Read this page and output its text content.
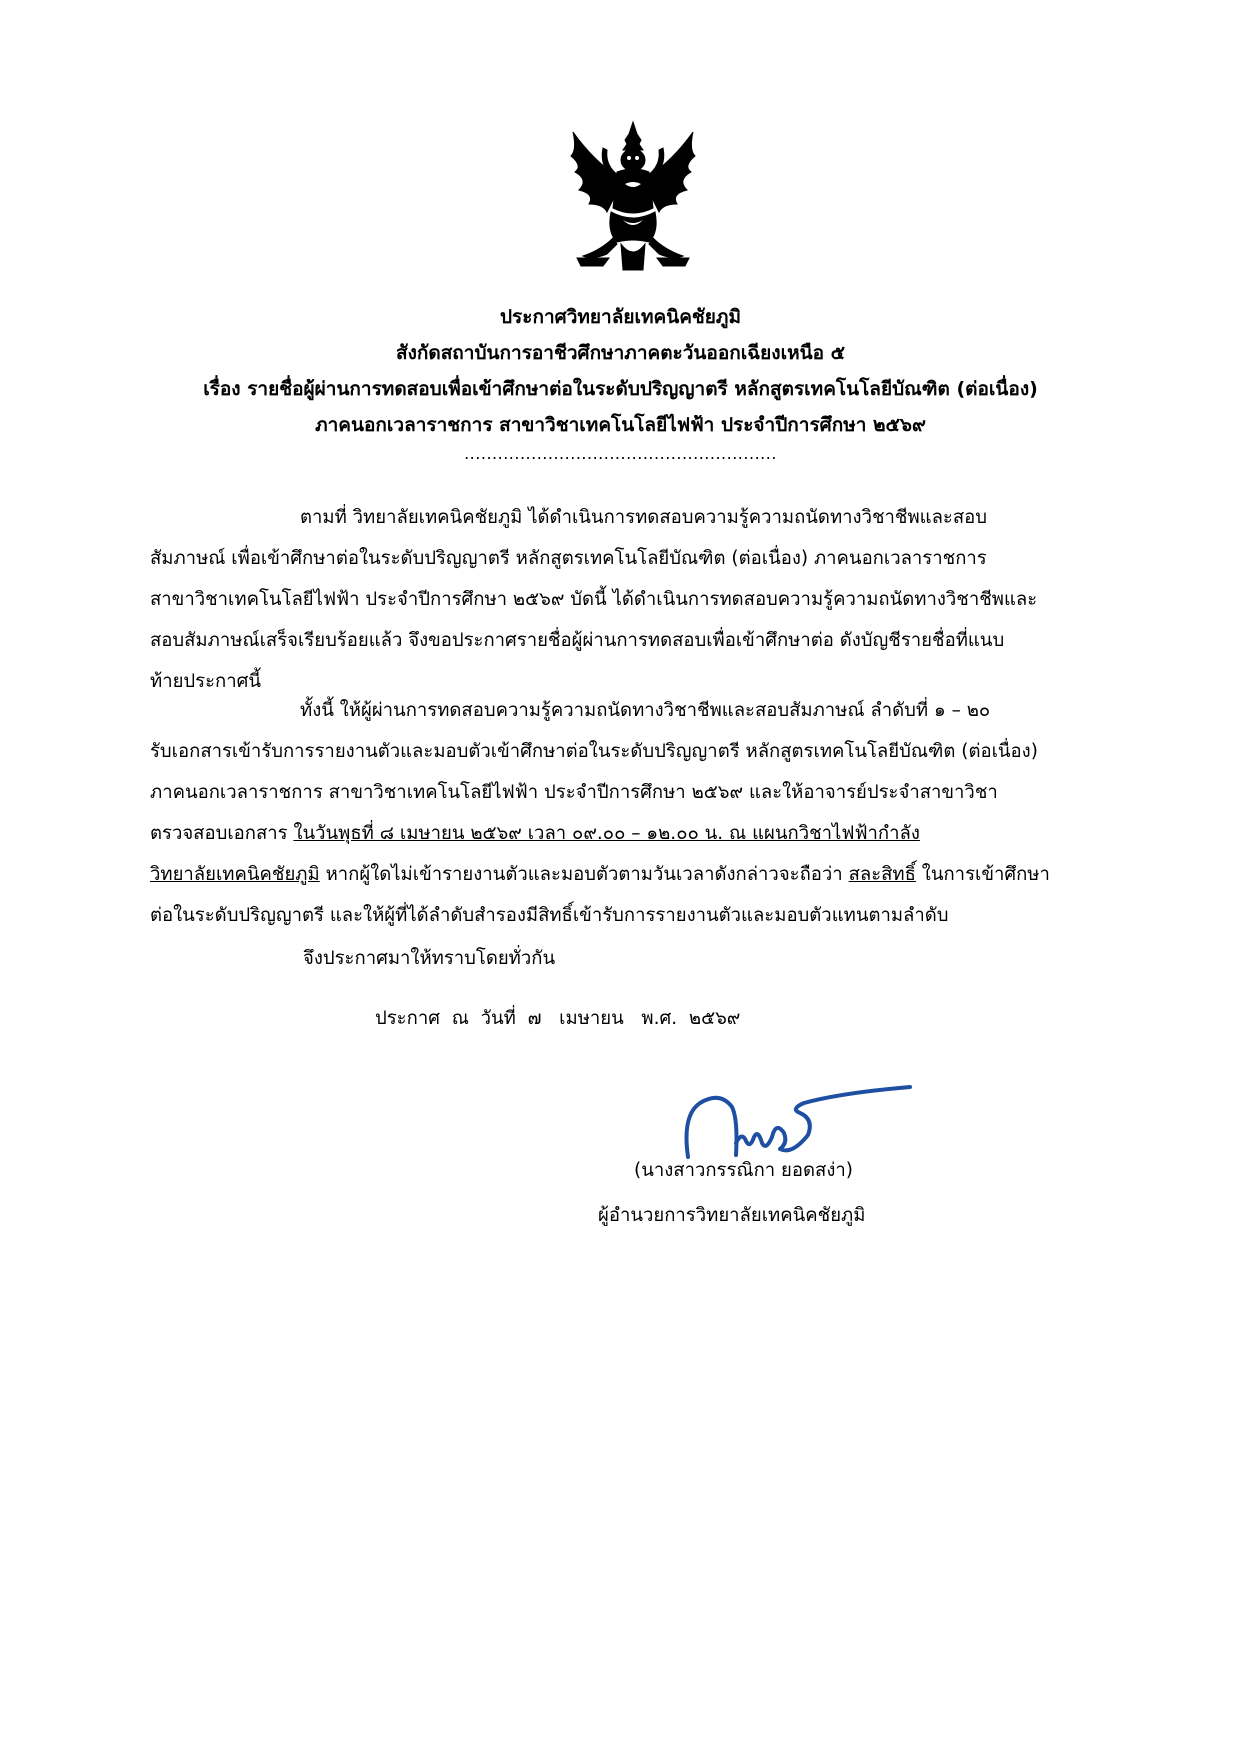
ประกาศวิทยาลัยเทคนิคชัยภูมิ
สังกัดสถาบันการอาชีวศึกษาภาคตะวันออกเฉียงเหนือ ๕
เรื่อง รายชื่อผู้ผ่านการทดสอบเพื่อเข้าศึกษาต่อในระดับปริญญาตรี หลักสูตรเทคโนโลยีบัณฑิต (ต่อเนื่อง)
ภาคนอกเวลาราชการ สาขาวิชาเทคโนโลยีไฟฟ้า ประจำปีการศึกษา ๒๕๖๙
........................................................
ตามที่ วิทยาลัยเทคนิคชัยภูมิ ได้ดำเนินการทดสอบความรู้ความถนัดทางวิชาชีพและสอบ
สัมภาษณ์ เพื่อเข้าศึกษาต่อในระดับปริญญาตรี หลักสูตรเทคโนโลยีบัณฑิต (ต่อเนื่อง) ภาคนอกเวลาราชการ
สาขาวิชาเทคโนโลยีไฟฟ้า ประจำปีการศึกษา ๒๕๖๙ บัดนี้ ได้ดำเนินการทดสอบความรู้ความถนัดทางวิชาชีพและ
สอบสัมภาษณ์เสร็จเรียบร้อยแล้ว จึงขอประกาศรายชื่อผู้ผ่านการทดสอบเพื่อเข้าศึกษาต่อ ดังบัญชีรายชื่อที่แนบ
ท้ายประกาศนี้
ทั้งนี้ ให้ผู้ผ่านการทดสอบความรู้ความถนัดทางวิชาชีพและสอบสัมภาษณ์ ลำดับที่ ๑ – ๒๐
รับเอกสารเข้ารับการรายงานตัวและมอบตัวเข้าศึกษาต่อในระดับปริญญาตรี หลักสูตรเทคโนโลยีบัณฑิต (ต่อเนื่อง)
ภาคนอกเวลาราชการ สาขาวิชาเทคโนโลยีไฟฟ้า ประจำปีการศึกษา ๒๕๖๙ และให้อาจารย์ประจำสาขาวิชา
ตรวจสอบเอกสาร ในวันพุธที่ ๘ เมษายน ๒๕๖๙ เวลา ๐๙.๐๐ – ๑๒.๐๐ น. ณ แผนกวิชาไฟฟ้ากำลัง
วิทยาลัยเทคนิคชัยภูมิ หากผู้ใดไม่เข้ารายงานตัวและมอบตัวตามวันเวลาดังกล่าวจะถือว่า สละสิทธิ์ ในการเข้าศึกษา
ต่อในระดับปริญญาตรี และให้ผู้ที่ได้ลำดับสำรองมีสิทธิ์เข้ารับการรายงานตัวและมอบตัวแทนตามลำดับ
จึงประกาศมาให้ทราบโดยทั่วกัน
ประกาศ  ณ  วันที่  ๗   เมษายน   พ.ศ.  ๒๕๖๙
(นางสาวกรรณิกา ยอดสง่า)
ผู้อำนวยการวิทยาลัยเทคนิคชัยภูมิ
